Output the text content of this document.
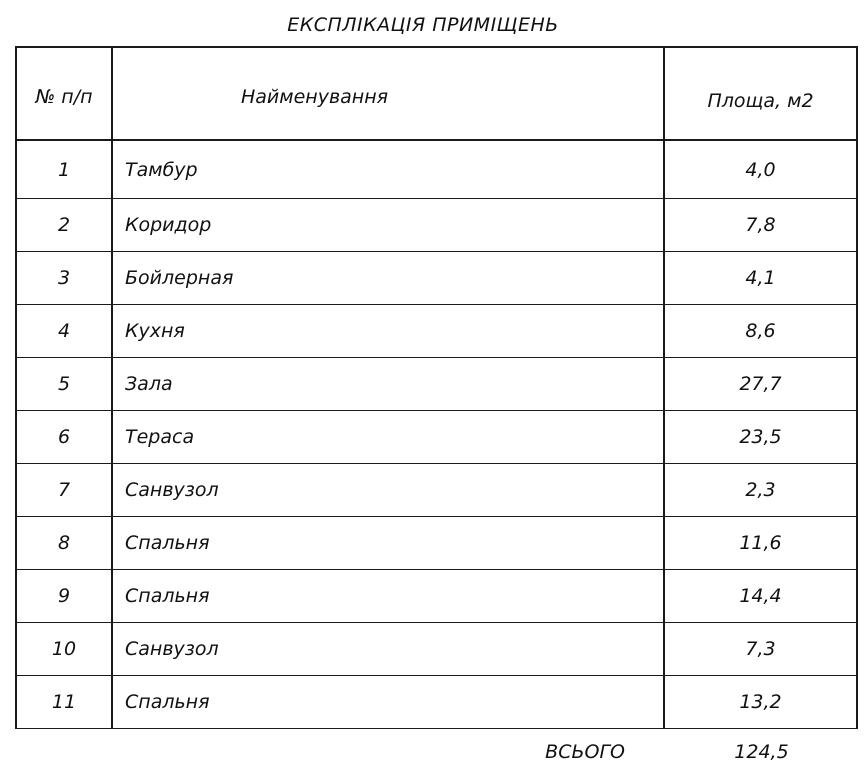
ЕКСПЛІКАЦІЯ ПРИМІЩЕНЬ
№ п/п	Найменування	Площа, м2
1	Тамбур	4,0
2	Коридор	7,8
3	Бойлерная	4,1
4	Кухня	8,6
5	Зала	27,7
6	Тераса	23,5
7	Санвузол	2,3
8	Спальня	11,6
9	Спальня	14,4
10	Санвузол	7,3
11	Спальня	13,2
ВСЬОГО	124,5
